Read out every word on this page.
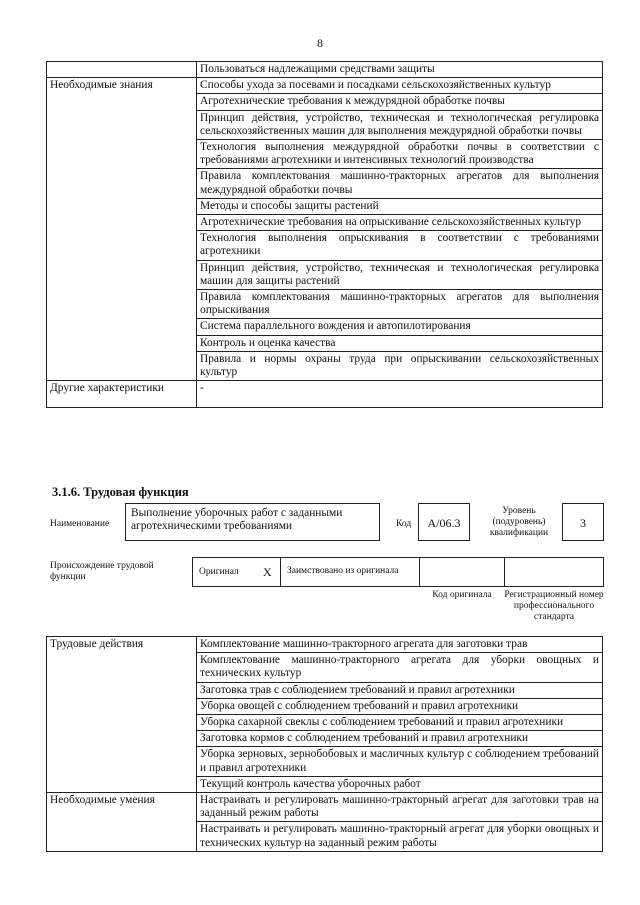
8
	Пользоваться надлежащими средствами защиты
Необходимые знания	Способы ухода за посевами и посадками сельскохозяйственных культур
	Агротехнические требования к междурядной обработке почвы
	Принцип действия, устройство, техническая и технологическая регулировка сельскохозяйственных машин для выполнения междурядной обработки почвы
	Технология выполнения междурядной обработки почвы в соответствии с требованиями агротехники и интенсивных технологий производства
	Правила комплектования машинно-тракторных агрегатов для выполнения междурядной обработки почвы
	Методы и способы защиты растений
	Агротехнические требования на опрыскивание сельскохозяйственных культур
	Технология выполнения опрыскивания в соответствии с требованиями агротехники
	Принцип действия, устройство, техническая и технологическая регулировка машин для защиты растений
	Правила комплектования машинно-тракторных агрегатов для выполнения опрыскивания
	Система параллельного вождения и автопилотирования
	Контроль и оценка качества
	Правила и нормы охраны труда при опрыскивании сельскохозяйственных культур
Другие характеристики	-
3.1.6. Трудовая функция
Наименование
Выполнение уборочных работ с заданными агротехническими требованиями	Код	А/06.3
Уровень (подуровень) квалификации
3
Происхождение трудовой функции	Оригинал X	Заимствовано из оригинала
Код оригинала	Регистрационный номер профессионального стандарта
Трудовые действия	Комплектование машинно-тракторного агрегата для заготовки трав
	Комплектование машинно-тракторного агрегата для уборки овощных и технических культур
	Заготовка трав с соблюдением требований и правил агротехники
	Уборка овощей с соблюдением требований и правил агротехники
	Уборка сахарной свеклы с соблюдением требований и правил агротехники
	Заготовка кормов с соблюдением требований и правил агротехники
	Уборка зерновых, зернобобовых и масличных культур с соблюдением требований и правил агротехники
	Текущий контроль качества уборочных работ
Необходимые умения	Настраивать и регулировать машинно-тракторный агрегат для заготовки трав на заданный режим работы
	Настраивать и регулировать машинно-тракторный агрегат для уборки овощных и технических культур на заданный режим работы
